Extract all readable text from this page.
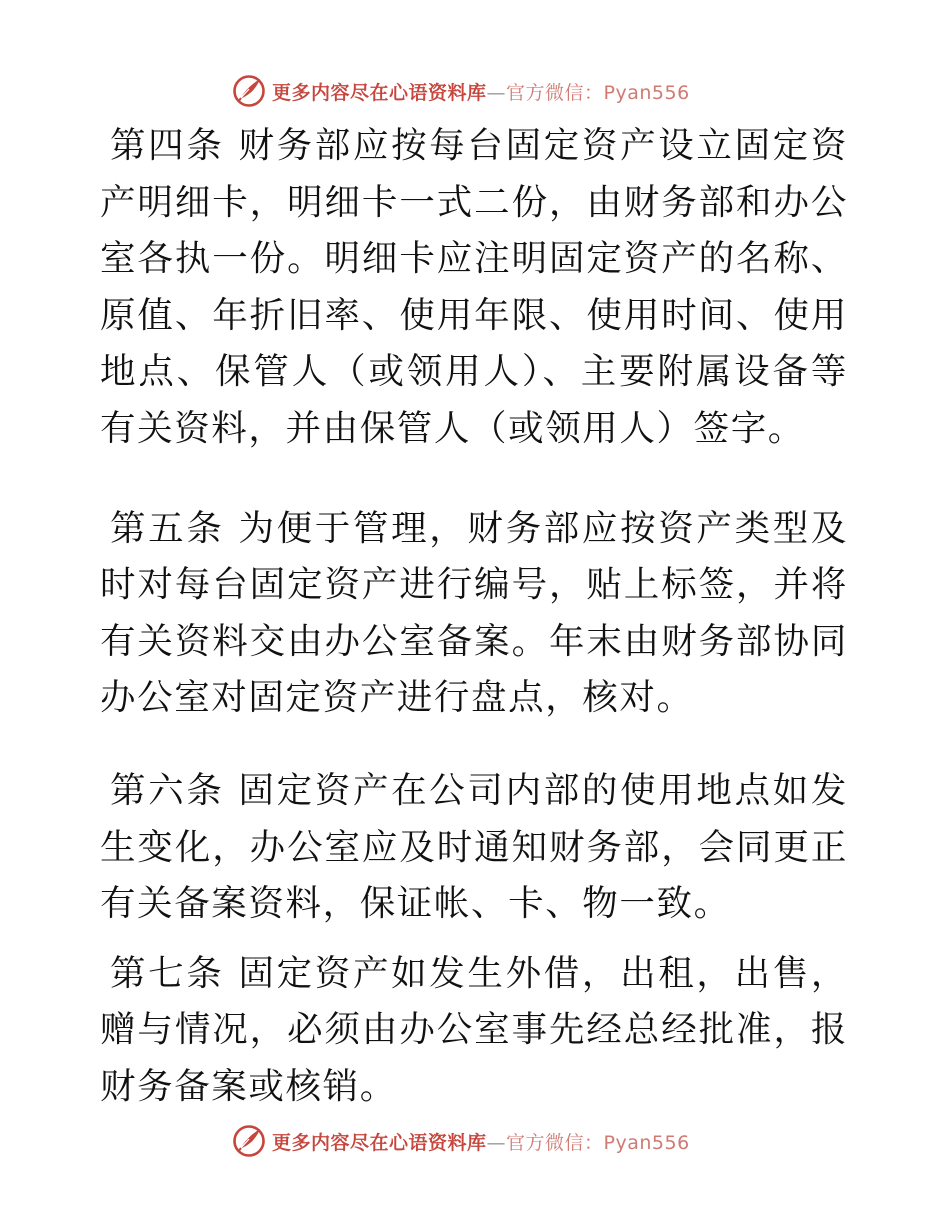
更多内容尽在心语资料库—官方微信：Pyan556

第四条 财务部应按每台固定资产设立固定资产明细卡，明细卡一式二份，由财务部和办公室各执一份。明细卡应注明固定资产的名称、原值、年折旧率、使用年限、使用时间、使用地点、保管人（或领用人）、主要附属设备等有关资料，并由保管人（或领用人）签字。

第五条 为便于管理，财务部应按资产类型及时对每台固定资产进行编号，贴上标签，并将有关资料交由办公室备案。年末由财务部协同办公室对固定资产进行盘点，核对。

第六条 固定资产在公司内部的使用地点如发生变化，办公室应及时通知财务部，会同更正有关备案资料，保证帐、卡、物一致。

第七条 固定资产如发生外借，出租，出售，赠与情况，必须由办公室事先经总经批准，报财务备案或核销。

更多内容尽在心语资料库—官方微信：Pyan556
